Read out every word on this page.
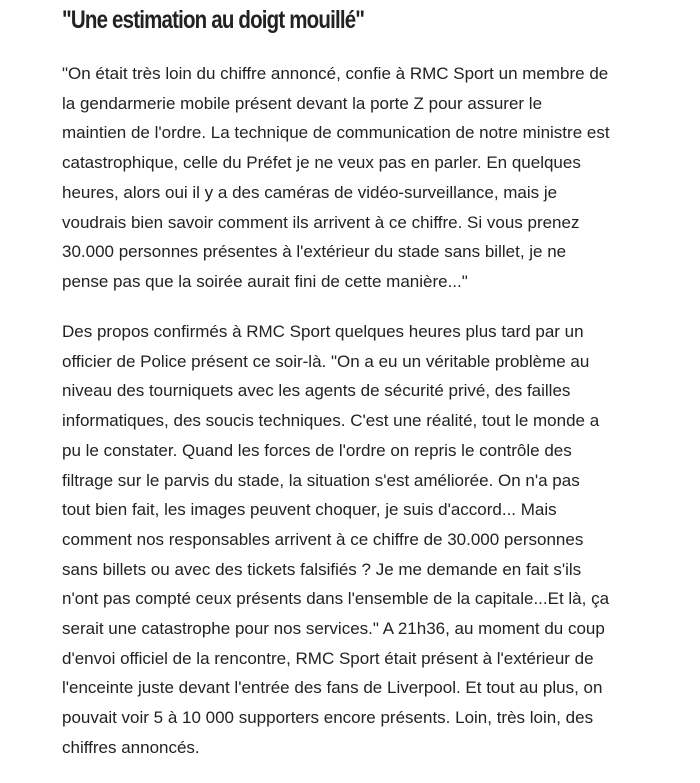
"Une estimation au doigt mouillé"

"On était très loin du chiffre annoncé, confie à RMC Sport un membre de
la gendarmerie mobile présent devant la porte Z pour assurer le
maintien de l'ordre. La technique de communication de notre ministre est
catastrophique, celle du Préfet je ne veux pas en parler. En quelques
heures, alors oui il y a des caméras de vidéo-surveillance, mais je
voudrais bien savoir comment ils arrivent à ce chiffre. Si vous prenez
30.000 personnes présentes à l'extérieur du stade sans billet, je ne
pense pas que la soirée aurait fini de cette manière..."

Des propos confirmés à RMC Sport quelques heures plus tard par un
officier de Police présent ce soir-là. "On a eu un véritable problème au
niveau des tourniquets avec les agents de sécurité privé, des failles
informatiques, des soucis techniques. C'est une réalité, tout le monde a
pu le constater. Quand les forces de l'ordre on repris le contrôle des
filtrage sur le parvis du stade, la situation s'est améliorée. On n'a pas
tout bien fait, les images peuvent choquer, je suis d'accord... Mais
comment nos responsables arrivent à ce chiffre de 30.000 personnes
sans billets ou avec des tickets falsifiés ? Je me demande en fait s'ils
n'ont pas compté ceux présents dans l'ensemble de la capitale...Et là, ça
serait une catastrophe pour nos services." A 21h36, au moment du coup
d'envoi officiel de la rencontre, RMC Sport était présent à l'extérieur de
l'enceinte juste devant l'entrée des fans de Liverpool. Et tout au plus, on
pouvait voir 5 à 10 000 supporters encore présents. Loin, très loin, des
chiffres annoncés.
